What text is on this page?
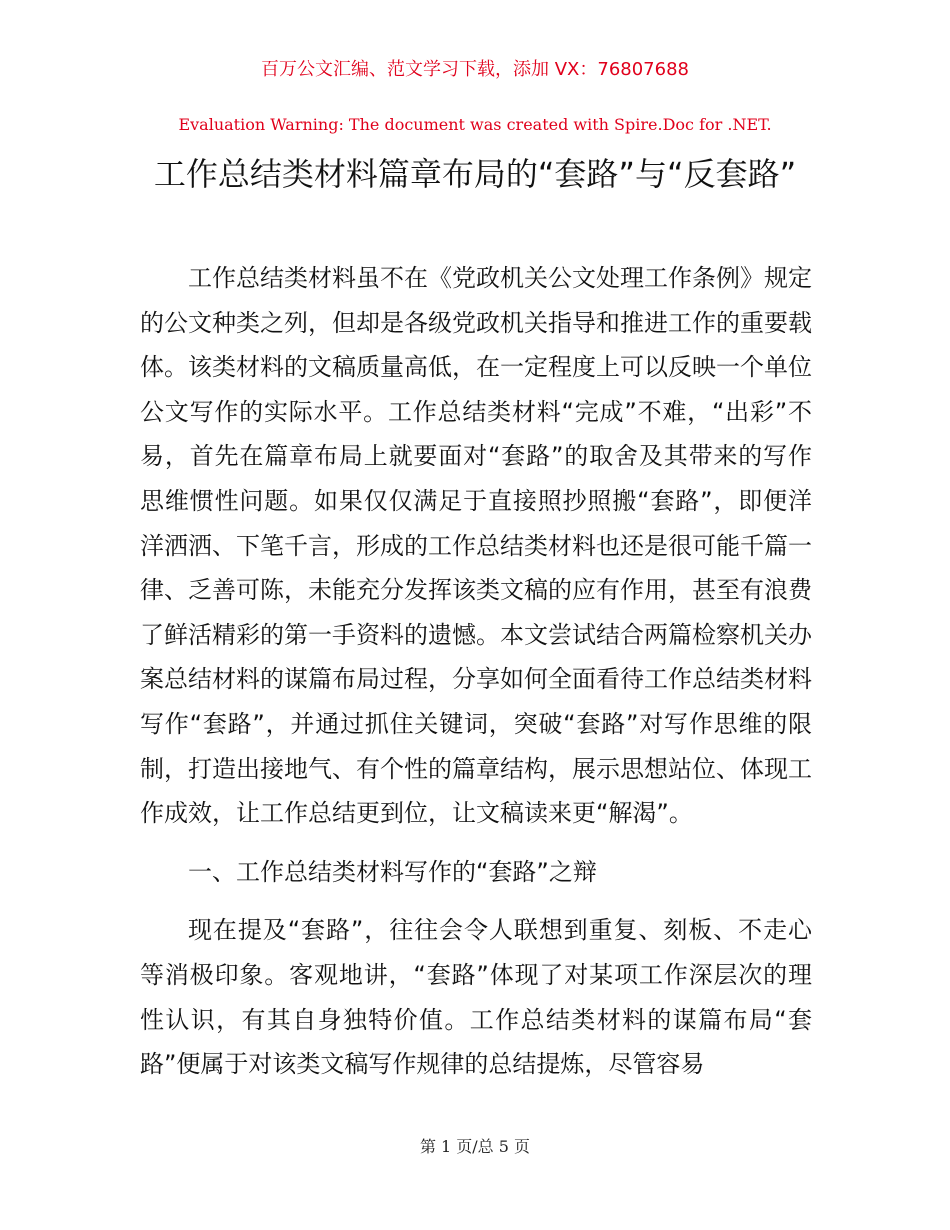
百万公文汇编、范文学习下载，添加 VX：76807688
Evaluation Warning: The document was created with Spire.Doc for .NET.
工作总结类材料篇章布局的“套路”与“反套路”

工作总结类材料虽不在《党政机关公文处理工作条例》规定的公文种类之列，但却是各级党政机关指导和推进工作的重要载体。该类材料的文稿质量高低，在一定程度上可以反映一个单位公文写作的实际水平。工作总结类材料“完成”不难，“出彩”不易，首先在篇章布局上就要面对“套路”的取舍及其带来的写作思维惯性问题。如果仅仅满足于直接照抄照搬“套路”，即便洋洋洒洒、下笔千言，形成的工作总结类材料也还是很可能千篇一律、乏善可陈，未能充分发挥该类文稿的应有作用，甚至有浪费了鲜活精彩的第一手资料的遗憾。本文尝试结合两篇检察机关办案总结材料的谋篇布局过程，分享如何全面看待工作总结类材料写作“套路”，并通过抓住关键词，突破“套路”对写作思维的限制，打造出接地气、有个性的篇章结构，展示思想站位、体现工作成效，让工作总结更到位，让文稿读来更“解渴”。

一、工作总结类材料写作的“套路”之辩

现在提及“套路”，往往会令人联想到重复、刻板、不走心等消极印象。客观地讲，“套路”体现了对某项工作深层次的理性认识，有其自身独特价值。工作总结类材料的谋篇布局“套路”便属于对该类文稿写作规律的总结提炼，尽管容易

第 1 页/总 5 页
